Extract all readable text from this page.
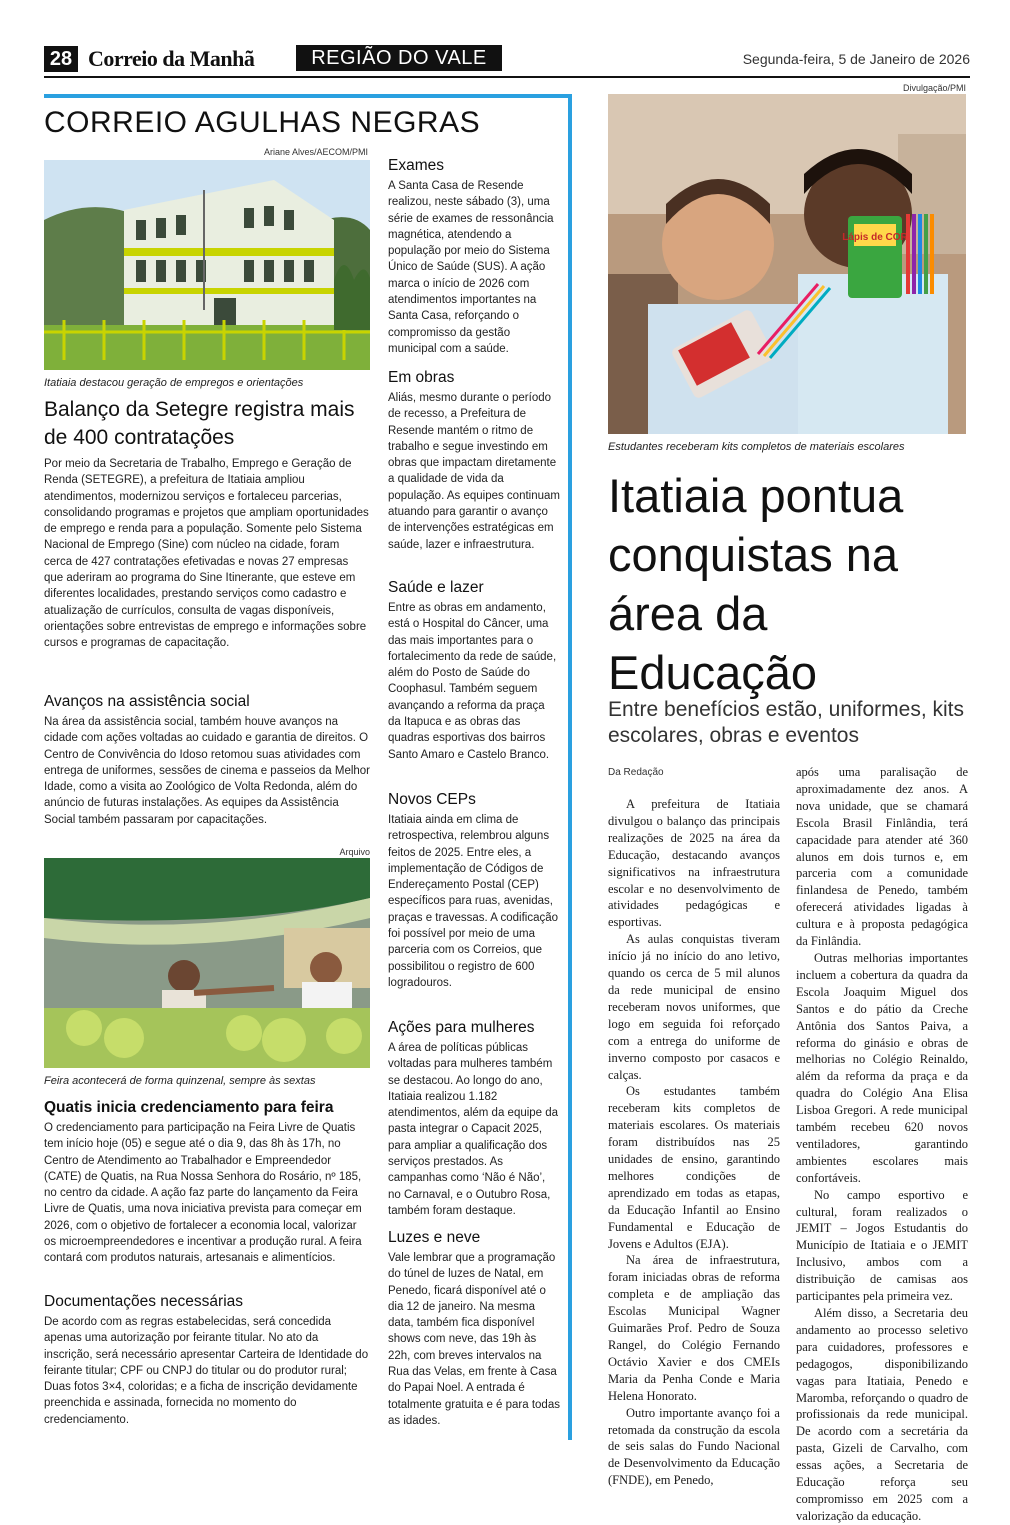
28 Correio da Manhã	REGIÃO DO VALE	Segunda-feira, 5 de Janeiro de 2026
CORREIO AGULHAS NEGRAS
Ariane Alves/AECOM/PMI
Itatiaia destacou geração de empregos e orientações
Balanço da Setegre registra mais de 400 contratações
Por meio da Secretaria de Trabalho, Emprego e Geração de Renda (SETEGRE), a prefeitura de Itatiaia ampliou atendimentos, modernizou serviços e fortaleceu parcerias, consolidando programas e projetos que ampliam oportunidades de emprego e renda para a população. Somente pelo Sistema Nacional de Emprego (Sine) com núcleo na cidade, foram cerca de 427 contratações efetivadas e novas 27 empresas que aderiram ao programa do Sine Itinerante, que esteve em diferentes localidades, prestando serviços como cadastro e atualização de currículos, consulta de vagas disponíveis, orientações sobre entrevistas de emprego e informações sobre cursos e programas de capacitação.
Avanços na assistência social
Na área da assistência social, também houve avanços na cidade com ações voltadas ao cuidado e garantia de direitos. O Centro de Convivência do Idoso retomou suas atividades com entrega de uniformes, sessões de cinema e passeios da Melhor Idade, como a visita ao Zoológico de Volta Redonda, além do anúncio de futuras instalações. As equipes da Assistência Social também passaram por capacitações.
Arquivo
Feira acontecerá de forma quinzenal, sempre às sextas
Quatis inicia credenciamento para feira
O credenciamento para participação na Feira Livre de Quatis tem início hoje (05) e segue até o dia 9, das 8h às 17h, no Centro de Atendimento ao Trabalhador e Empreendedor (CATE) de Quatis, na Rua Nossa Senhora do Rosário, nº 185, no centro da cidade. A ação faz parte do lançamento da Feira Livre de Quatis, uma nova iniciativa prevista para começar em 2026, com o objetivo de fortalecer a economia local, valorizar os microempreendedores e incentivar a produção rural. A feira contará com produtos naturais, artesanais e alimentícios.
Documentações necessárias
De acordo com as regras estabelecidas, será concedida apenas uma autorização por feirante titular. No ato da inscrição, será necessário apresentar Carteira de Identidade do feirante titular; CPF ou CNPJ do titular ou do produtor rural; Duas fotos 3×4, coloridas; e a ficha de inscrição devidamente preenchida e assinada, fornecida no momento do credenciamento.
Exames
A Santa Casa de Resende realizou, neste sábado (3), uma série de exames de ressonância magnética, atendendo a população por meio do Sistema Único de Saúde (SUS). A ação marca o início de 2026 com atendimentos importantes na Santa Casa, reforçando o compromisso da gestão municipal com a saúde.
Em obras
Aliás, mesmo durante o período de recesso, a Prefeitura de Resende mantém o ritmo de trabalho e segue investindo em obras que impactam diretamente a qualidade de vida da população. As equipes continuam atuando para garantir o avanço de intervenções estratégicas em saúde, lazer e infraestrutura.
Saúde e lazer
Entre as obras em andamento, está o Hospital do Câncer, uma das mais importantes para o fortalecimento da rede de saúde, além do Posto de Saúde do Coophasul. Também seguem avançando a reforma da praça da Itapuca e as obras das quadras esportivas dos bairros Santo Amaro e Castelo Branco.
Novos CEPs
Itatiaia ainda em clima de retrospectiva, relembrou alguns feitos de 2025. Entre eles, a implementação de Códigos de Endereçamento Postal (CEP) específicos para ruas, avenidas, praças e travessas. A codificação foi possível por meio de uma parceria com os Correios, que possibilitou o registro de 600 logradouros.
Ações para mulheres
A área de políticas públicas voltadas para mulheres também se destacou. Ao longo do ano, Itatiaia realizou 1.182 atendimentos, além da equipe da pasta integrar o Capacit 2025, para ampliar a qualificação dos serviços prestados. As campanhas como ‘Não é Não’, no Carnaval, e o Outubro Rosa, também foram destaque.
Luzes e neve
Vale lembrar que a programação do túnel de luzes de Natal, em Penedo, ficará disponível até o dia 12 de janeiro. Na mesma data, também fica disponível shows com neve, das 19h às 22h, com breves intervalos na Rua das Velas, em frente à Casa do Papai Noel. A entrada é totalmente gratuita e é para todas as idades.
Divulgação/PMI
Lápis de COR
Estudantes receberam kits completos de materiais escolares
Itatiaia pontua conquistas na área da Educação
Entre benefícios estão, uniformes, kits escolares, obras e eventos
Da Redação

A prefeitura de Itatiaia divulgou o balanço das principais realizações de 2025 na área da Educação, destacando avanços significativos na infraestrutura escolar e no desenvolvimento de atividades pedagógicas e esportivas.

As aulas conquistas tiveram início já no início do ano letivo, quando os cerca de 5 mil alunos da rede municipal de ensino receberam novos uniformes, que logo em seguida foi reforçado com a entrega do uniforme de inverno composto por casacos e calças.

Os estudantes também receberam kits completos de materiais escolares. Os materiais foram distribuídos nas 25 unidades de ensino, garantindo melhores condições de aprendizado em todas as etapas, da Educação Infantil ao Ensino Fundamental e Educação de Jovens e Adultos (EJA).

Na área de infraestrutura, foram iniciadas obras de reforma completa e de ampliação das Escolas Municipal Wagner Guimarães Prof. Pedro de Souza Rangel, do Colégio Fernando Octávio Xavier e dos CMEIs Maria da Penha Conde e Maria Helena Honorato.

Outro importante avanço foi a retomada da construção da escola de seis salas do Fundo Nacional de Desenvolvimento da Educação (FNDE), em Penedo,

após uma paralisação de aproximadamente dez anos. A nova unidade, que se chamará Escola Brasil Finlândia, terá capacidade para atender até 360 alunos em dois turnos e, em parceria com a comunidade finlandesa de Penedo, também oferecerá atividades ligadas à cultura e à proposta pedagógica da Finlândia.

Outras melhorias importantes incluem a cobertura da quadra da Escola Joaquim Miguel dos Santos e do pátio da Creche Antônia dos Santos Paiva, a reforma do ginásio e obras de melhorias no Colégio Reinaldo, além da reforma da praça e da quadra do Colégio Ana Elisa Lisboa Gregori. A rede municipal também recebeu 620 novos ventiladores, garantindo ambientes escolares mais confortáveis.

No campo esportivo e cultural, foram realizados o JEMIT – Jogos Estudantis do Município de Itatiaia e o JEMIT Inclusivo, ambos com a distribuição de camisas aos participantes pela primeira vez.

Além disso, a Secretaria deu andamento ao processo seletivo para cuidadores, professores e pedagogos, disponibilizando vagas para Itatiaia, Penedo e Maromba, reforçando o quadro de profissionais da rede municipal. De acordo com a secretária da pasta, Gizeli de Carvalho, com essas ações, a Secretaria de Educação reforça seu compromisso em 2025 com a valorização da educação.
